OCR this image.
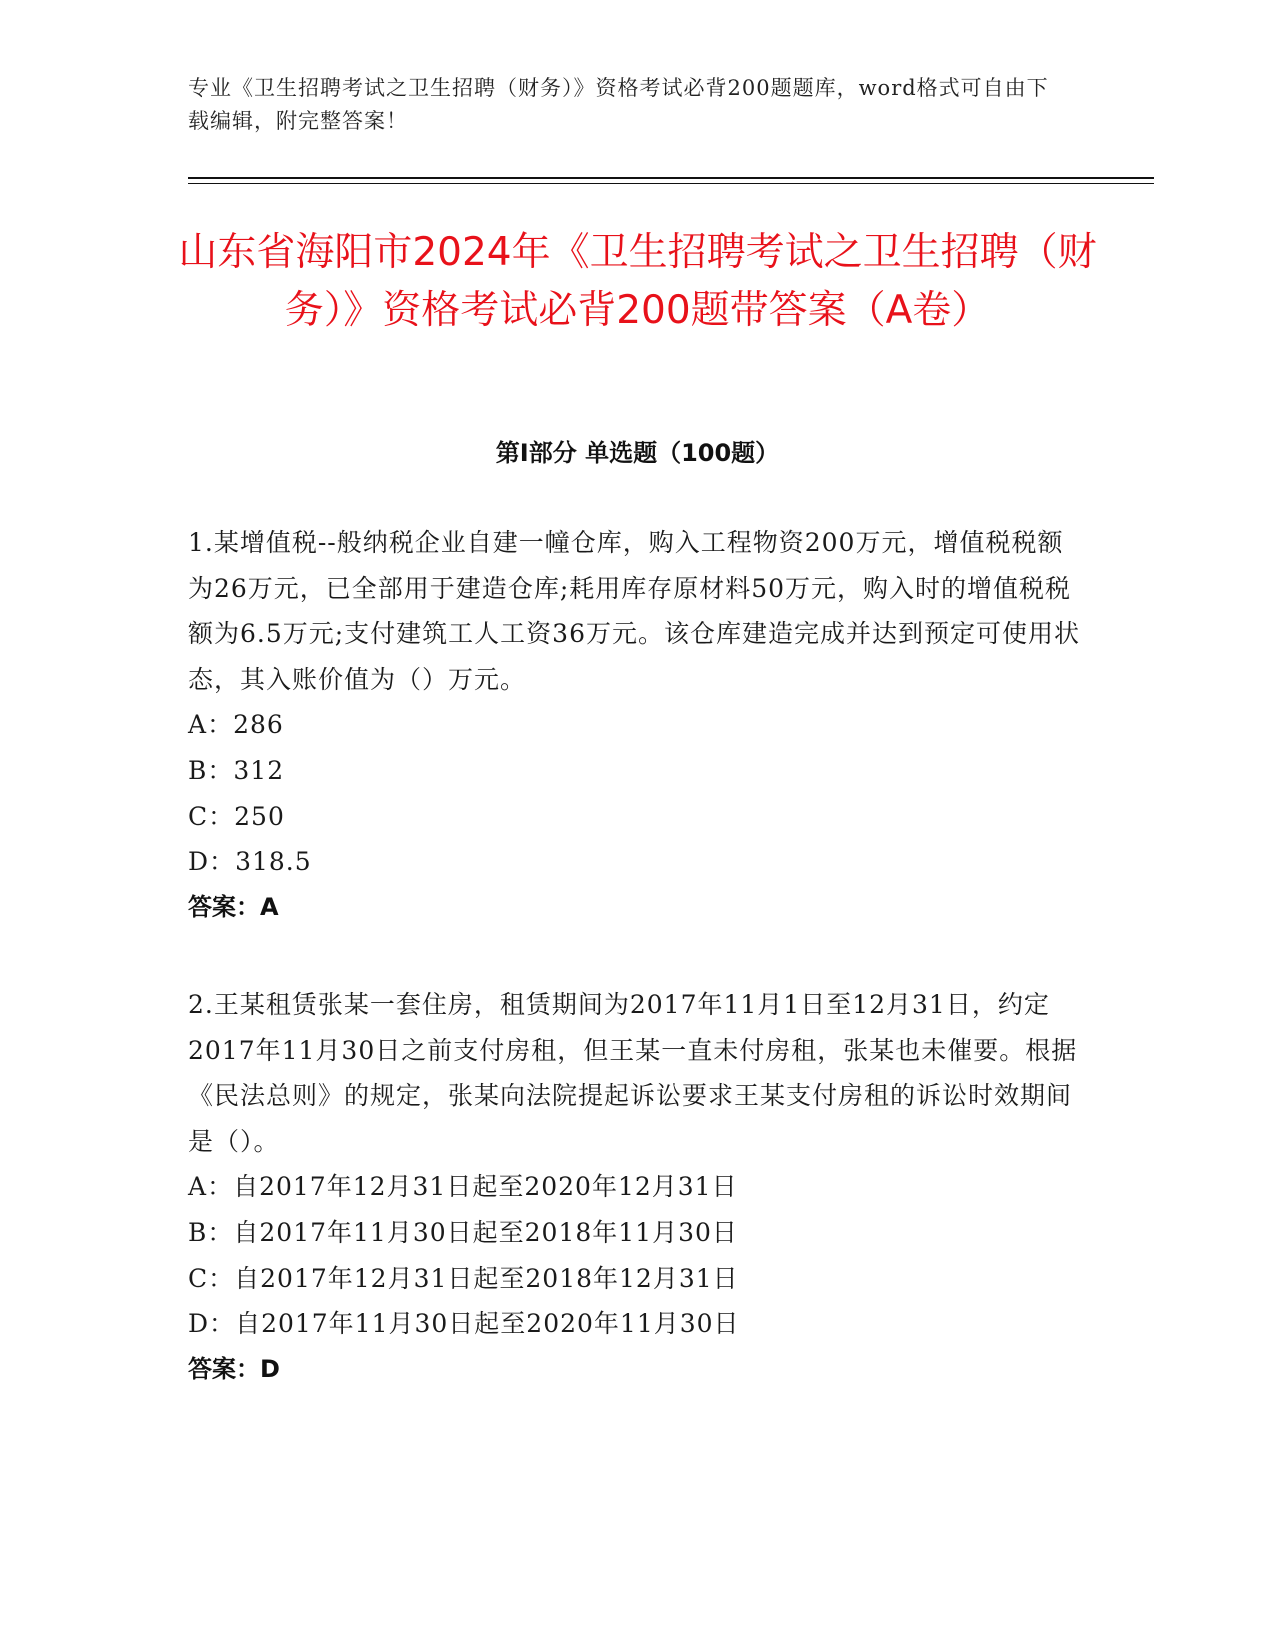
专业《卫生招聘考试之卫生招聘（财务）》资格考试必背200题题库，word格式可自由下载编辑，附完整答案！

山东省海阳市2024年《卫生招聘考试之卫生招聘（财务）》资格考试必背200题带答案（A卷）
第Ⅰ部分 单选题（100题）

1.某增值税--般纳税企业自建一幢仓库，购入工程物资200万元，增值税税额为26万元，已全部用于建造仓库;耗用库存原材料50万元，购入时的增值税税额为6.5万元;支付建筑工人工资36万元。该仓库建造完成并达到预定可使用状态，其入账价值为（）万元。

A：286
B：312
C：250
D：318.5

答案：A

2.王某租赁张某一套住房，租赁期间为2017年11月1日至12月31日，约定2017年11月30日之前支付房租，但王某一直未付房租，张某也未催要。根据《民法总则》的规定，张某向法院提起诉讼要求王某支付房租的诉讼时效期间是（）。

A：自2017年12月31日起至2020年12月31日
B：自2017年11月30日起至2018年11月30日
C：自2017年12月31日起至2018年12月31日
D：自2017年11月30日起至2020年11月30日

答案：D
